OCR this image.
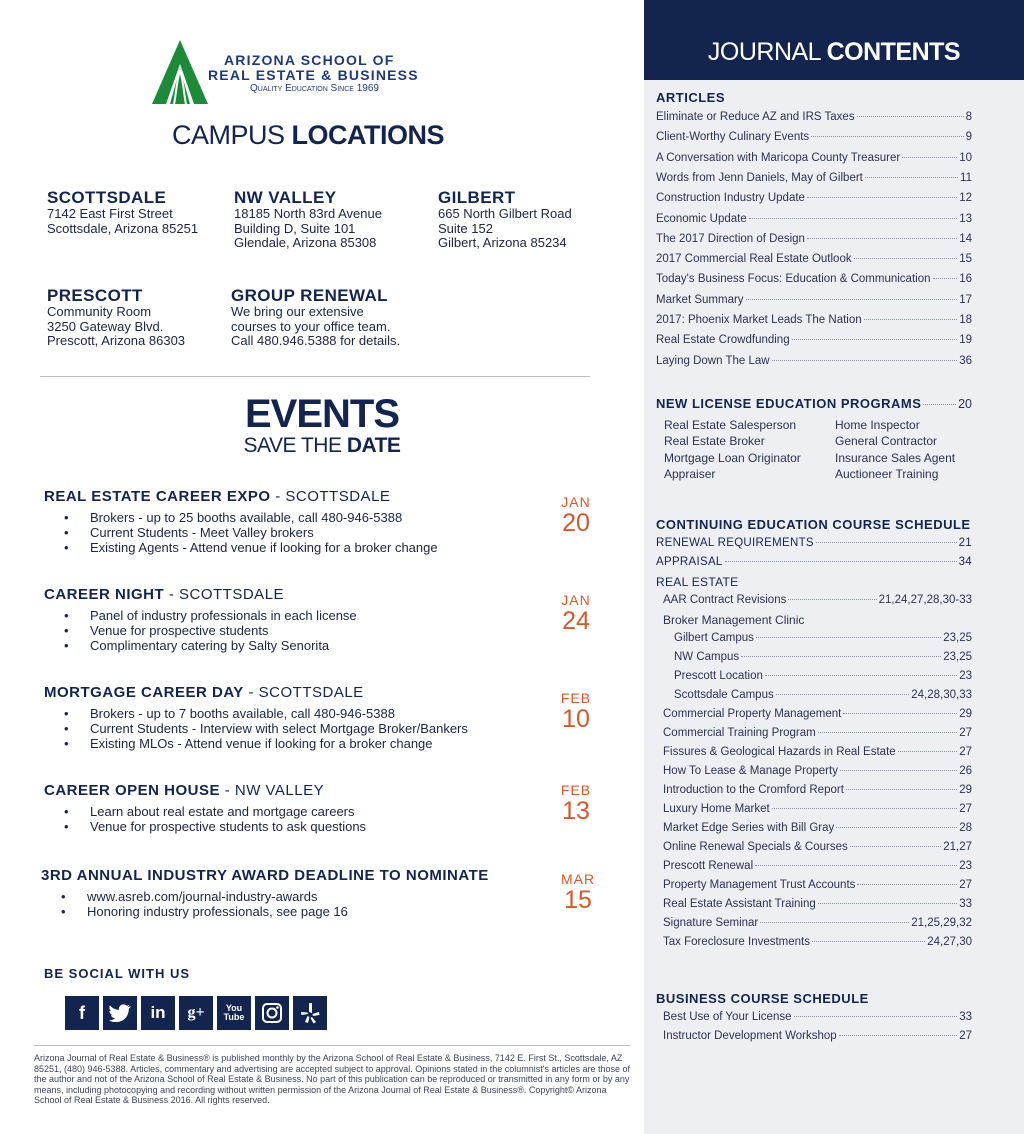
ARIZONA SCHOOL OF
REAL ESTATE & BUSINESS
Quality Education Since 1969
CAMPUS LOCATIONS
SCOTTSDALE
7142 East First Street
Scottsdale, Arizona 85251
NW VALLEY
18185 North 83rd Avenue
Building D, Suite 101
Glendale, Arizona 85308
GILBERT
665 North Gilbert Road
Suite 152
Gilbert, Arizona 85234
PRESCOTT
Community Room
3250 Gateway Blvd.
Prescott, Arizona 86303
GROUP RENEWAL
We bring our extensive
courses to your office team.
Call 480.946.5388 for details.
EVENTS
SAVE THE DATE
REAL ESTATE CAREER EXPO - SCOTTSDALE
• Brokers - up to 25 booths available, call 480-946-5388
• Current Students - Meet Valley brokers
• Existing Agents - Attend venue if looking for a broker change
JAN
20
CAREER NIGHT - SCOTTSDALE
• Panel of industry professionals in each license
• Venue for prospective students
• Complimentary catering by Salty Senorita
JAN
24
MORTGAGE CAREER DAY - SCOTTSDALE
• Brokers - up to 7 booths available, call 480-946-5388
• Current Students - Interview with select Mortgage Broker/Bankers
• Existing MLOs - Attend venue if looking for a broker change
FEB
10
CAREER OPEN HOUSE - NW VALLEY
• Learn about real estate and mortgage careers
• Venue for prospective students to ask questions
FEB
13
3RD ANNUAL INDUSTRY AWARD DEADLINE TO NOMINATE
• www.asreb.com/journal-industry-awards
• Honoring industry professionals, see page 16
MAR
15
BE SOCIAL WITH US
f	in	g+	You Tube
Arizona Journal of Real Estate & Business® is published monthly by the Arizona School of Real Estate & Business, 7142 E. First St., Scottsdale, AZ 85251, (480) 946-5388. Articles, commentary and advertising are accepted subject to approval. Opinions stated in the columnist's articles are those of the author and not of the Arizona School of Real Estate & Business. No part of this publication can be reproduced or transmitted in any form or by any means, including photocopying and recording without written permission of the Arizona Journal of Real Estate & Business®. Copyright© Arizona School of Real Estate & Business 2016. All rights reserved.
JOURNAL CONTENTS
ARTICLES
NEW LICENSE EDUCATION PROGRAMS	20
CONTINUING EDUCATION COURSE SCHEDULE
BUSINESS COURSE SCHEDULE
Eliminate or Reduce AZ and IRS Taxes	8
Client-Worthy Culinary Events	9
A Conversation with Maricopa County Treasurer	10
Words from Jenn Daniels, May of Gilbert	11
Construction Industry Update	12
Economic Update	13
The 2017 Direction of Design	14
2017 Commercial Real Estate Outlook	15
Today's Business Focus: Education & Communication 16
Market Summary	17
2017: Phoenix Market Leads The Nation	18
Real Estate Crowdfunding	19
Laying Down The Law	36
Real Estate Salesperson
Real Estate Broker
Mortgage Loan Originator
Appraiser
Home Inspector
General Contractor
Insurance Sales Agent
Auctioneer Training
RENEWAL REQUIREMENTS	21
APPRAISAL	34
REAL ESTATE
AAR Contract Revisions	21,24,27,28,30-33
Broker Management Clinic
Gilbert Campus	23,25
NW Campus	23,25
Prescott Location	23
Scottsdale Campus	24,28,30,33
Commercial Property Management	29
Commercial Training Program	27
Fissures & Geological Hazards in Real Estate	27
How To Lease & Manage Property	26
Introduction to the Cromford Report	29
Luxury Home Market	27
Market Edge Series with Bill Gray	28
Online Renewal Specials & Courses	21,27
Prescott Renewal	23
Property Management Trust Accounts	27
Real Estate Assistant Training	33
Signature Seminar	21,25,29,32
Tax Foreclosure Investments	24,27,30
Best Use of Your License	33
Instructor Development Workshop	27
